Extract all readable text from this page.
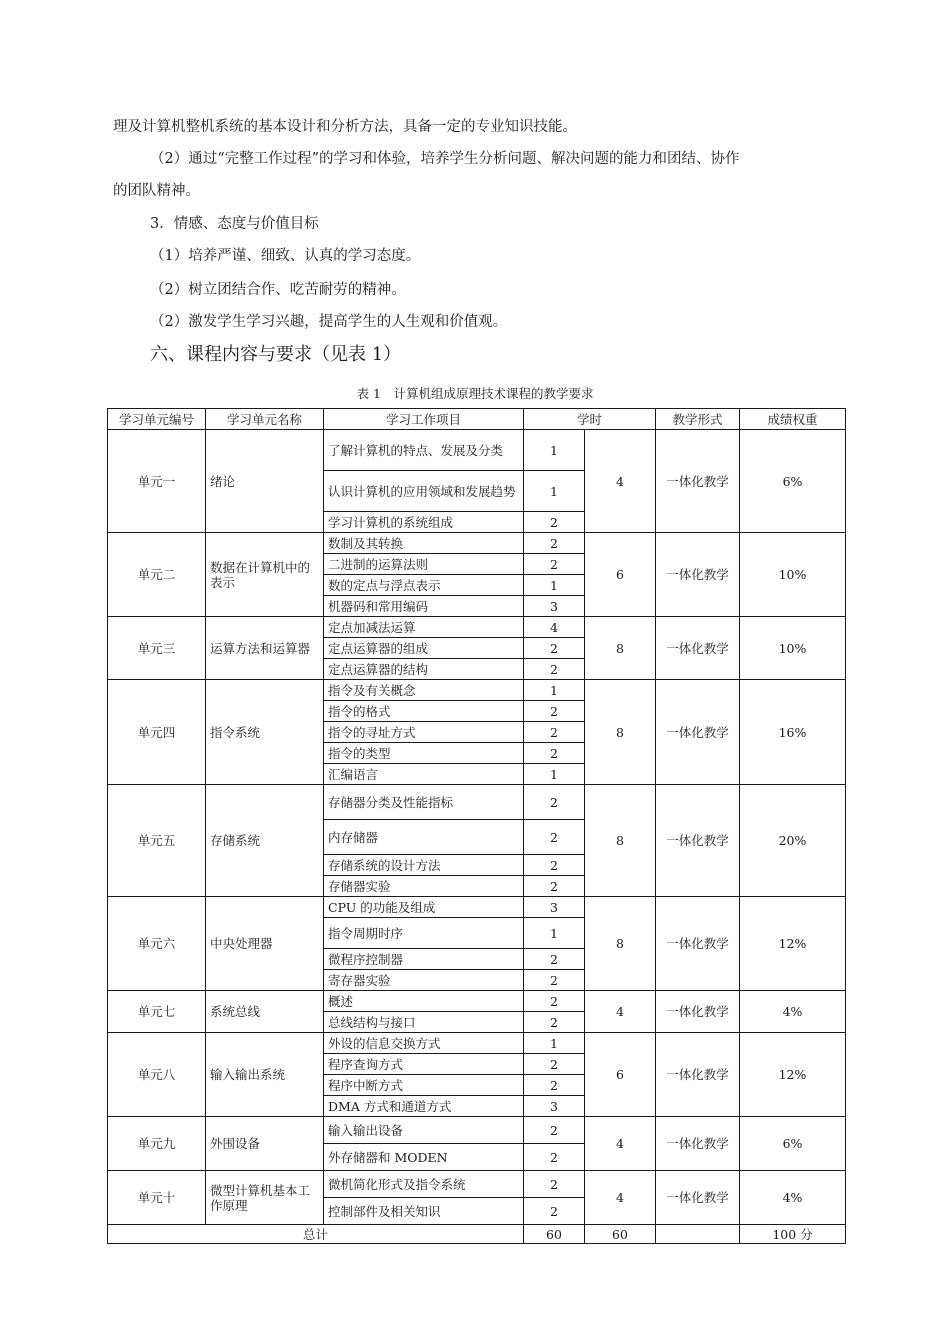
理及计算机整机系统的基本设计和分析方法，具备一定的专业知识技能。
（2）通过“完整工作过程”的学习和体验，培养学生分析问题、解决问题的能力和团结、协作
的团队精神。
3．情感、态度与价值目标
（1）培养严谨、细致、认真的学习态度。
（2）树立团结合作、吃苦耐劳的精神。
（2）激发学生学习兴趣，提高学生的人生观和价值观。
六、课程内容与要求（见表 1）
表 1　计算机组成原理技术课程的教学要求
学习单元编号	学习单元名称	学习工作项目	学时		教学形式	成绩权重
单元一	绪论	了解计算机的特点、发展及分类	1	4	一体化教学	6%
		认识计算机的应用领域和发展趋势	1			
		学习计算机的系统组成	2			
单元二	数据在计算机中的表示	数制及其转换	2	6	一体化教学	10%
		二进制的运算法则	2			
		数的定点与浮点表示	1			
		机器码和常用编码	3			
单元三	运算方法和运算器	定点加减法运算	4	8	一体化教学	10%
		定点运算器的组成	2			
		定点运算器的结构	2			
单元四	指令系统	指令及有关概念	1	8	一体化教学	16%
		指令的格式	2			
		指令的寻址方式	2			
		指令的类型	2			
		汇编语言	1			
单元五	存储系统	存储器分类及性能指标	2	8	一体化教学	20%
		内存储器	2			
		存储系统的设计方法	2			
		存储器实验	2			
单元六	中央处理器	CPU 的功能及组成	3	8	一体化教学	12%
		指令周期时序	1			
		微程序控制器	2			
		寄存器实验	2			
单元七	系统总线	概述	2	4	一体化教学	4%
		总线结构与接口	2			
单元八	输入输出系统	外设的信息交换方式	1	6	一体化教学	12%
		程序查询方式	2			
		程序中断方式	2			
		DMA 方式和通道方式	3			
单元九	外围设备	输入输出设备	2	4	一体化教学	6%
		外存储器和 MODEN	2			
单元十	微型计算机基本工作原理	微机简化形式及指令系统	2	4	一体化教学	4%
		控制部件及相关知识	2			
总计			60	60		100 分
